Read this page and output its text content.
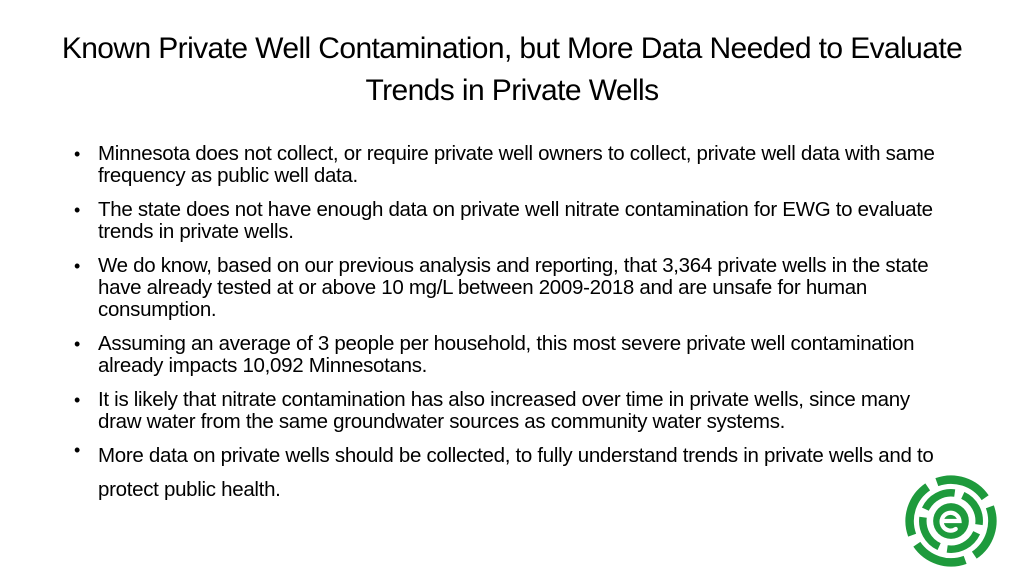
Known Private Well Contamination, but More Data Needed to Evaluate Trends in Private Wells
• Minnesota does not collect, or require private well owners to collect, private well data with same frequency as public well data.
• The state does not have enough data on private well nitrate contamination for EWG to evaluate trends in private wells.
• We do know, based on our previous analysis and reporting, that 3,364 private wells in the state have already tested at or above 10 mg/L between 2009-2018 and are unsafe for human consumption.
• Assuming an average of 3 people per household, this most severe private well contamination already impacts 10,092 Minnesotans.
• It is likely that nitrate contamination has also increased over time in private wells, since many draw water from the same groundwater sources as community water systems.
• More data on private wells should be collected, to fully understand trends in private wells and to protect public health.
